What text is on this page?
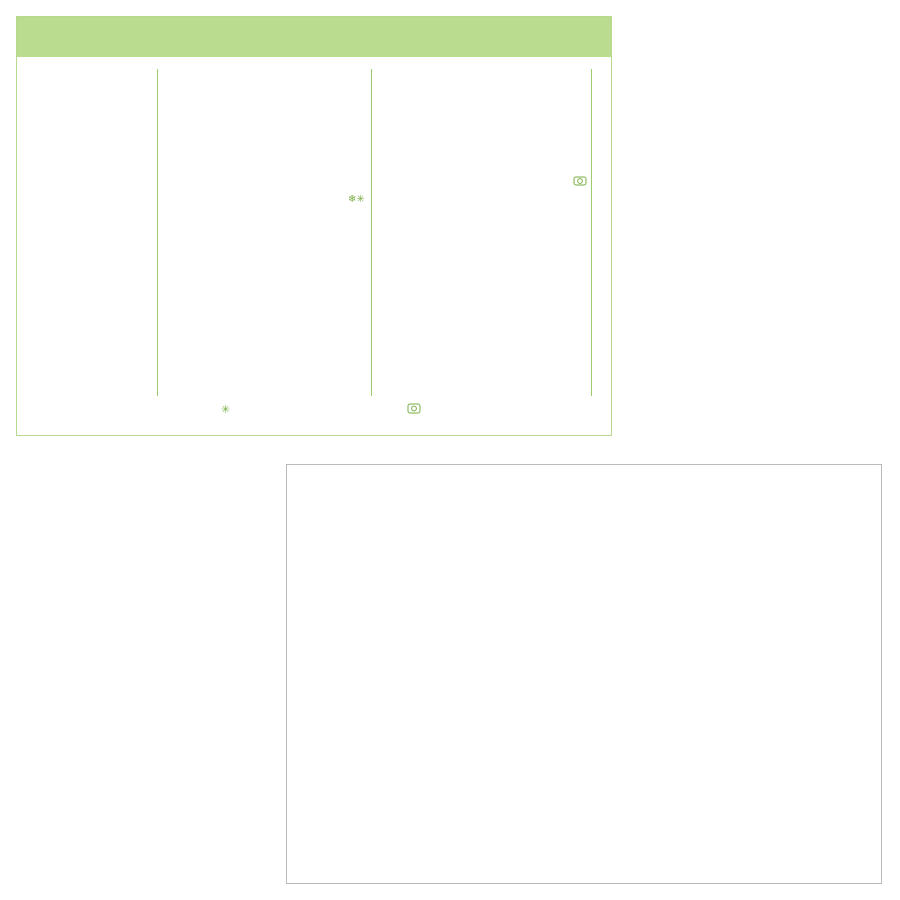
❄✳
✳
